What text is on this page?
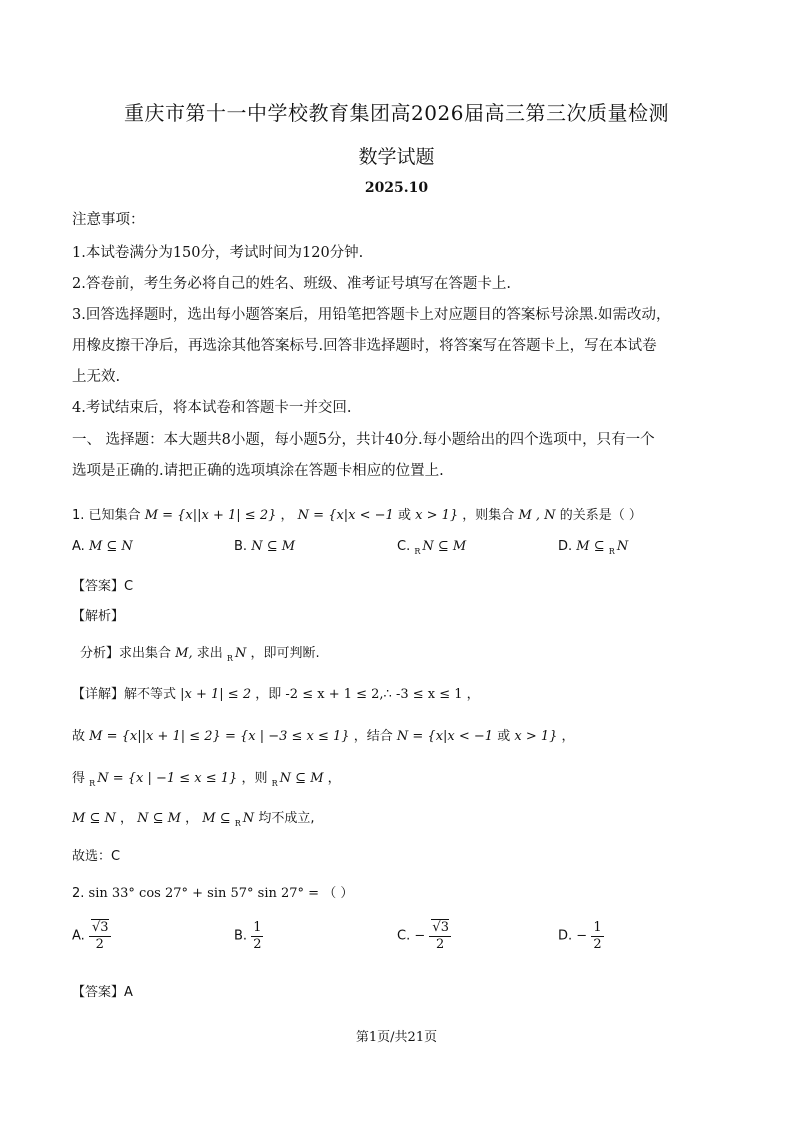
重庆市第十一中学校教育集团高2026届高三第三次质量检测
数学试题
2025.10
注意事项：
1.本试卷满分为150分，考试时间为120分钟.
2.答卷前，考生务必将自己的姓名、班级、准考证号填写在答题卡上.
3.回答选择题时，选出每小题答案后，用铅笔把答题卡上对应题目的答案标号涂黑.如需改动，
用橡皮擦干净后，再选涂其他答案标号.回答非选择题时，将答案写在答题卡上，写在本试卷
上无效.
4.考试结束后，将本试卷和答题卡一并交回.
一、 选择题：本大题共8小题，每小题5分，共计40分.每小题给出的四个选项中，只有一个
选项是正确的.请把正确的选项填涂在答题卡相应的位置上.
1. 已知集合 M = {x||x + 1| ≤ 2} ， N = {x|x < −1 或 x > 1} ，则集合 M , N 的关系是（ ）
A. M ⊆ N	B. N ⊆ M	C. $_R$ N ⊆ M	D. M ⊆ $_R$ N
【答案】C
【解析】
分析】求出集合 M, 求出 $_R$ N ，即可判断.
【详解】解不等式 |x + 1| ≤ 2 ，即 -2 ≤ x + 1 ≤ 2,∴ -3 ≤ x ≤ 1 ，
故 M = {x||x + 1| ≤ 2} = {x | −3 ≤ x ≤ 1} ，结合 N = {x|x < −1 或 x > 1} ，
得 $_R$ N = {x | −1 ≤ x ≤ 1} ，则 $_R$ N ⊆ M ，
M ⊆ N ， N ⊆ M ， M ⊆ $_R$ N 均不成立,
故选：C
2. sin 33° cos 27° + sin 57° sin 27° = （ ）
A. $\frac{√3}{2}$	B. $\frac{1}{2}$	C. − $\frac{√3}{2}$	D. − $\frac{1}{2}$
【答案】A
第1页/共21页
